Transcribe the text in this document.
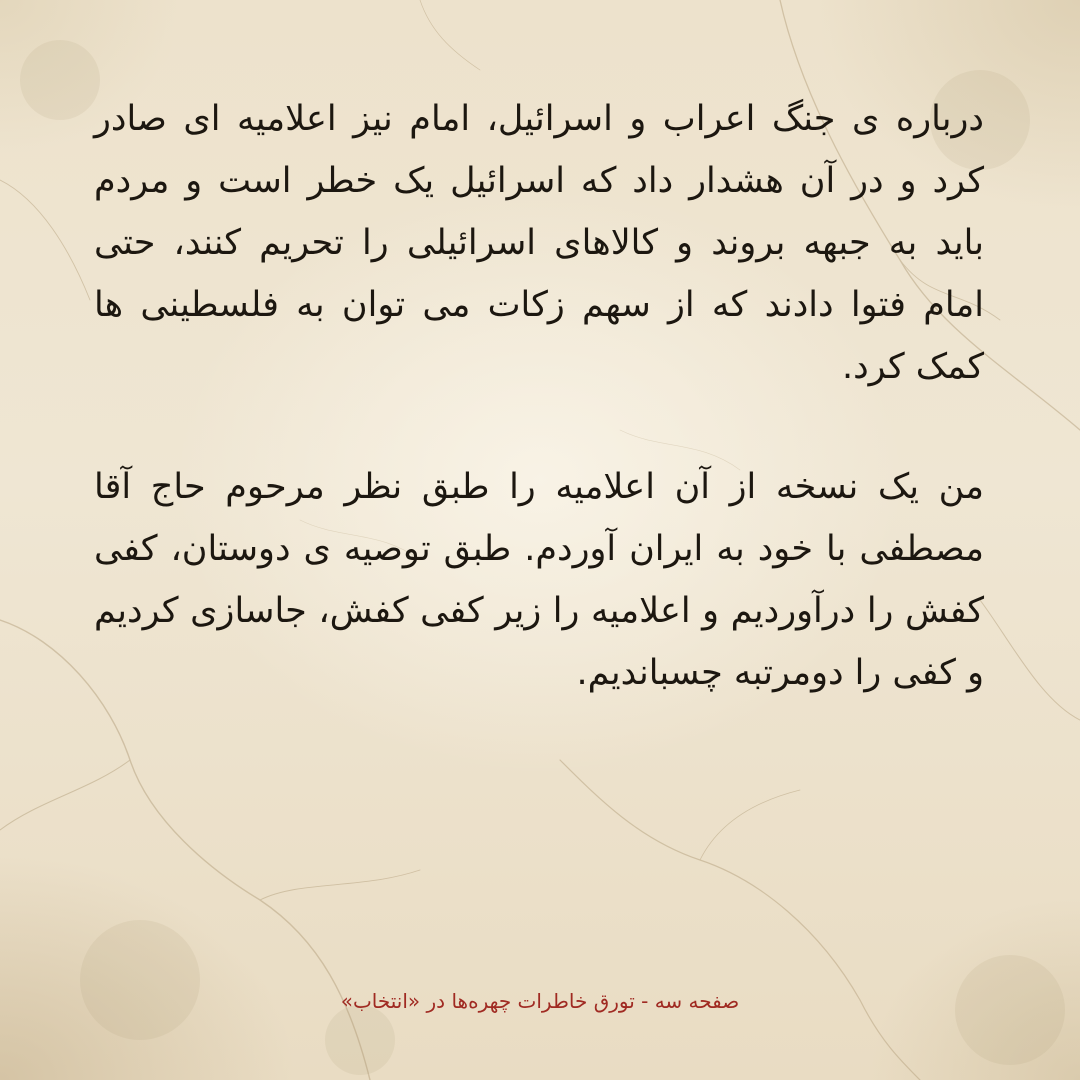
درباره ی جنگ اعراب و اسرائیل، امام نیز اعلامیه ای صادر کرد و در آن هشدار داد که اسرائیل یک خطر است و مردم باید به جبهه بروند و کالاهای اسرائیلی را تحریم کنند، حتی امام فتوا دادند که از سهم زکات می توان به فلسطینی ها کمک کرد.

من یک نسخه از آن اعلامیه را طبق نظر مرحوم حاج آقا مصطفی با خود به ایران آوردم. طبق توصیه ی دوستان، کفی کفش را درآوردیم و اعلامیه را زیر کفی کفش، جاسازی کردیم و کفی را دومرتبه چسباندیم.

صفحه سه - تورق خاطرات چهره‌ها در «انتخاب»
